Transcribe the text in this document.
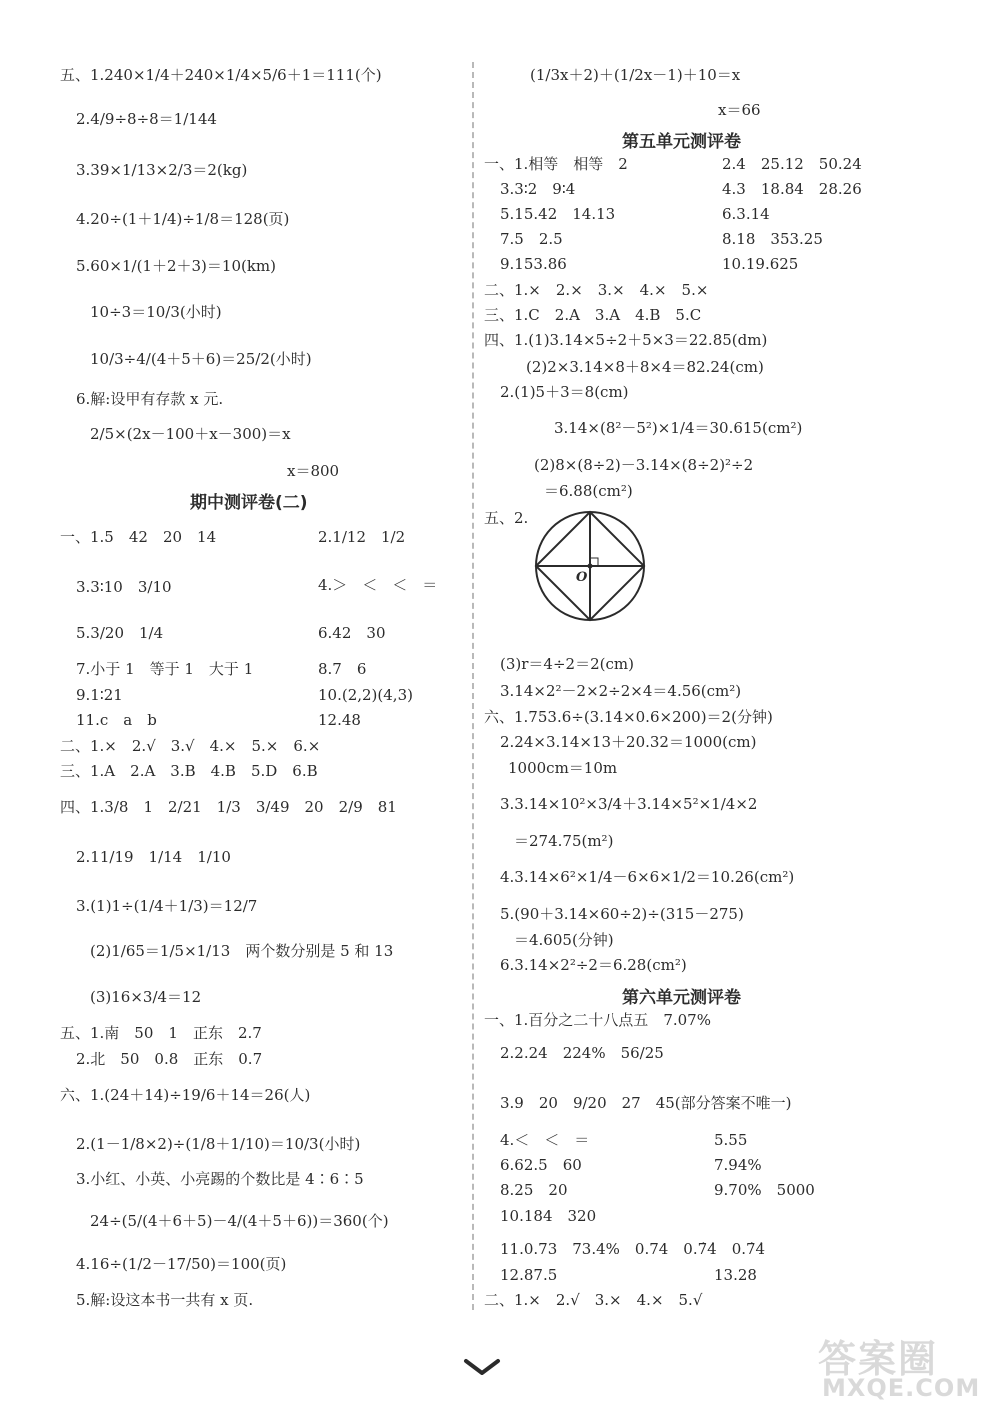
五、1.240×1/4＋240×1/4×5/6＋1＝111(个)
2.4/9÷8÷8＝1/144
3.39×1/13×2/3＝2(kg)
4.20÷(1＋1/4)÷1/8＝128(页)
5.60×1/(1＋2＋3)＝10(km)
10÷3＝10/3(小时)
10/3÷4/(4＋5＋6)＝25/2(小时)
6.解:设甲有存款 x 元.
2/5×(2x－100＋x－300)＝x
x＝800
期中测评卷(二)
一、1.5　42　20　14	2.1/12　1/2
3.3∶10　3/10	4.＞　＜　＜　＝
5.3/20　1/4	6.42　30
7.小于 1　等于 1　大于 1	8.7　6
9.1∶21	10.(2,2)(4,3)
11.c　a　b	12.48
二、1.×　2.√　3.√　4.×　5.×　6.×
三、1.A　2.A　3.B　4.B　5.D　6.B
四、1.3/8　1　2/21　1/3　3/49　20　2/9　81
2.11/19　1/14　1/10
3.(1)1÷(1/4＋1/3)＝12/7
(2)1/65＝1/5×1/13　两个数分别是 5 和 13
(3)16×3/4＝12
五、1.南　50　1　正东　2.7
2.北　50　0.8　正东　0.7
六、1.(24＋14)÷19/6＋14＝26(人)
2.(1－1/8×2)÷(1/8＋1/10)＝10/3(小时)
3.小红、小英、小亮踢的个数比是 4∶6∶5
24÷(5/(4＋6＋5)－4/(4＋5＋6))＝360(个)
4.16÷(1/2－17/50)＝100(页)
5.解:设这本书一共有 x 页.
(1/3x＋2)＋(1/2x－1)＋10＝x
x＝66
第五单元测评卷
一、1.相等　相等　2	2.4　25.12　50.24
3.3∶2　9∶4	4.3　18.84　28.26
5.15.42　14.13	6.3.14
7.5　2.5	8.18　353.25
9.153.86	10.19.625
二、1.×　2.×　3.×　4.×　5.×
三、1.C　2.A　3.A　4.B　5.C
四、1.(1)3.14×5÷2＋5×3＝22.85(dm)
(2)2×3.14×8＋8×4＝82.24(cm)
2.(1)5＋3＝8(cm)
3.14×(8²－5²)×1/4＝30.615(cm²)
(2)8×(8÷2)－3.14×(8÷2)²÷2
＝6.88(cm²)
五、2.
O
(3)r＝4÷2＝2(cm)
3.14×2²－2×2÷2×4＝4.56(cm²)
六、1.753.6÷(3.14×0.6×200)＝2(分钟)
2.24×3.14×13＋20.32＝1000(cm)
1000cm＝10m
3.3.14×10²×3/4＋3.14×5²×1/4×2
＝274.75(m²)
4.3.14×6²×1/4－6×6×1/2＝10.26(cm²)
5.(90＋3.14×60÷2)÷(315－275)
＝4.605(分钟)
6.3.14×2²÷2＝6.28(cm²)
第六单元测评卷
一、1.百分之二十八点五　7.07%
2.2.24　224%　56/25
3.9　20　9/20　27　45(部分答案不唯一)
4.＜　＜　＝	5.55
6.62.5　60	7.94%
8.25　20	9.70%　5000
10.184　320
11.0.73　73.4%　0.74　0.7̇4̇　0.7̇4̇
12.87.5	13.28
二、1.×　2.√　3.×　4.×　5.√
答案圈
MXQE.COM
